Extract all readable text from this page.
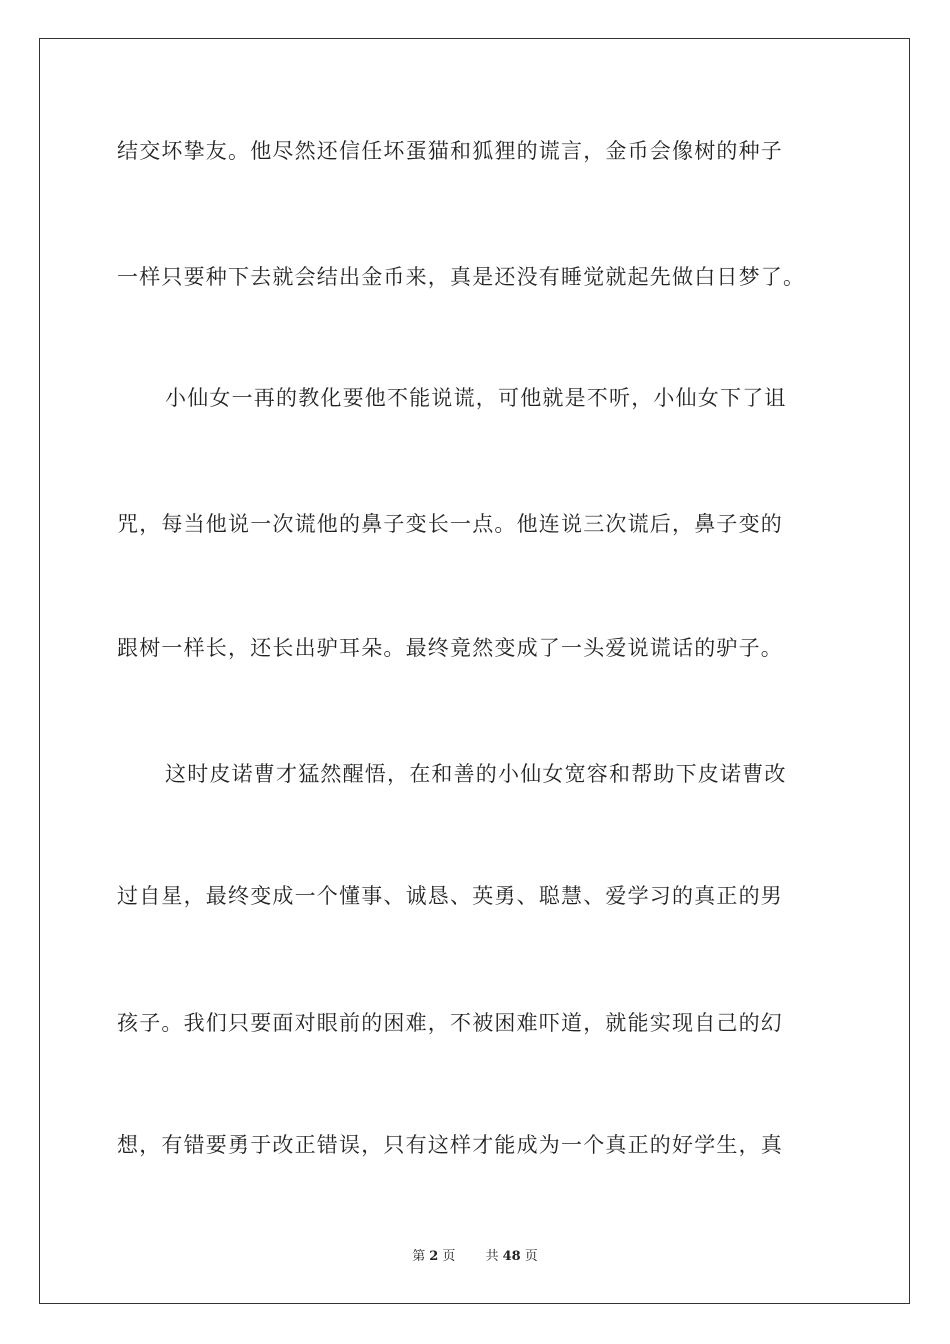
结交坏挚友。他尽然还信任坏蛋猫和狐狸的谎言，金币会像树的种子
一样只要种下去就会结出金币来，真是还没有睡觉就起先做白日梦了。
小仙女一再的教化要他不能说谎，可他就是不听，小仙女下了诅
咒，每当他说一次谎他的鼻子变长一点。他连说三次谎后，鼻子变的
跟树一样长，还长出驴耳朵。最终竟然变成了一头爱说谎话的驴子。
这时皮诺曹才猛然醒悟，在和善的小仙女宽容和帮助下皮诺曹改
过自星，最终变成一个懂事、诚恳、英勇、聪慧、爱学习的真正的男
孩子。我们只要面对眼前的困难，不被困难吓道，就能实现自己的幻
想，有错要勇于改正错误，只有这样才能成为一个真正的好学生，真
第 2 页 共 48 页
